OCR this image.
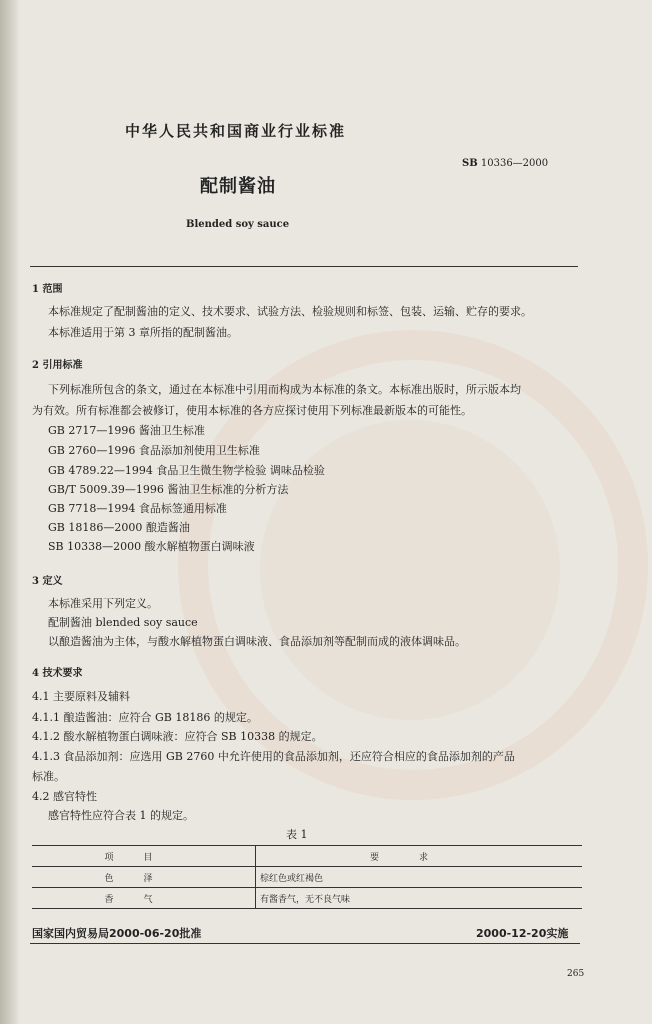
中华人民共和国商业行业标准
SB 10336—2000
配制酱油
Blended soy sauce
1 范围
本标准规定了配制酱油的定义、技术要求、试验方法、检验规则和标签、包装、运输、贮存的要求。
本标准适用于第 3 章所指的配制酱油。
2 引用标准
下列标准所包含的条文，通过在本标准中引用而构成为本标准的条文。本标准出版时，所示版本均
为有效。所有标准都会被修订，使用本标准的各方应探讨使用下列标准最新版本的可能性。
GB 2717—1996 酱油卫生标准
GB 2760—1996 食品添加剂使用卫生标准
GB 4789.22—1994 食品卫生微生物学检验 调味品检验
GB/T 5009.39—1996 酱油卫生标准的分析方法
GB 7718—1994 食品标签通用标准
GB 18186—2000 酿造酱油
SB 10338—2000 酸水解植物蛋白调味液
3 定义
本标准采用下列定义。
配制酱油 blended soy sauce
以酿造酱油为主体，与酸水解植物蛋白调味液、食品添加剂等配制而成的液体调味品。
4 技术要求
4.1 主要原料及辅料
4.1.1 酿造酱油：应符合 GB 18186 的规定。
4.1.2 酸水解植物蛋白调味液：应符合 SB 10338 的规定。
4.1.3 食品添加剂：应选用 GB 2760 中允许使用的食品添加剂，还应符合相应的食品添加剂的产品
标准。
4.2 感官特性
感官特性应符合表 1 的规定。
表 1
项目	要求
色泽	棕红色或红褐色
香气	有酱香气，无不良气味
国家国内贸易局2000-06-20批准	2000-12-20实施
265
